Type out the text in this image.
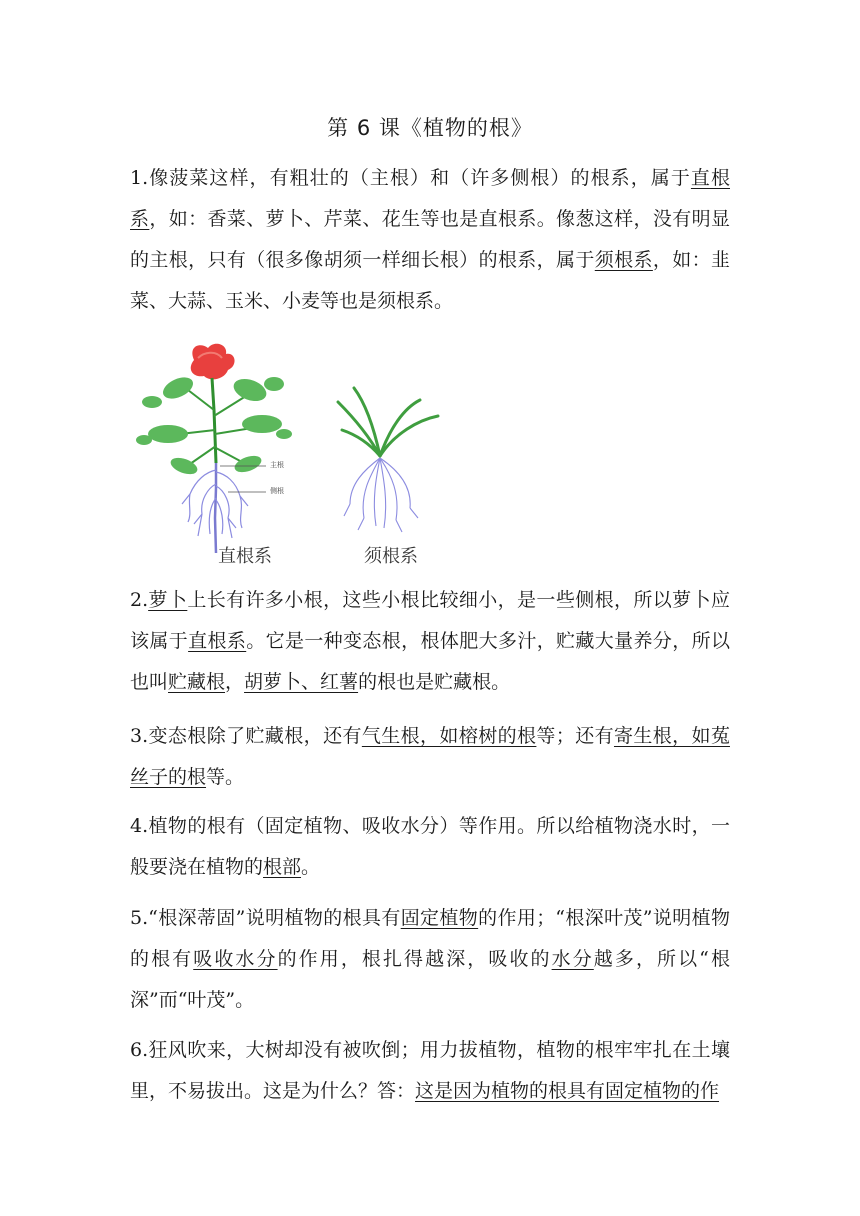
第 6 课《植物的根》
1.像菠菜这样，有粗壮的（主根）和（许多侧根）的根系，属于直根系，如：香菜、萝卜、芹菜、花生等也是直根系。像葱这样，没有明显的主根，只有（很多像胡须一样细长根）的根系，属于须根系，如：韭菜、大蒜、玉米、小麦等也是须根系。
主根
侧根
直根系	须根系
2.萝卜上长有许多小根，这些小根比较细小，是一些侧根，所以萝卜应该属于直根系。它是一种变态根，根体肥大多汁，贮藏大量养分，所以也叫贮藏根，胡萝卜、红薯的根也是贮藏根。
3.变态根除了贮藏根，还有气生根，如榕树的根等；还有寄生根，如菟丝子的根等。
4.植物的根有（固定植物、吸收水分）等作用。所以给植物浇水时，一般要浇在植物的根部。
5.“根深蒂固”说明植物的根具有固定植物的作用；“根深叶茂”说明植物的根有吸收水分的作用，根扎得越深，吸收的水分越多，所以“根深”而“叶茂”。
6.狂风吹来，大树却没有被吹倒；用力拔植物，植物的根牢牢扎在土壤里，不易拔出。这是为什么？答：这是因为植物的根具有固定植物的作
